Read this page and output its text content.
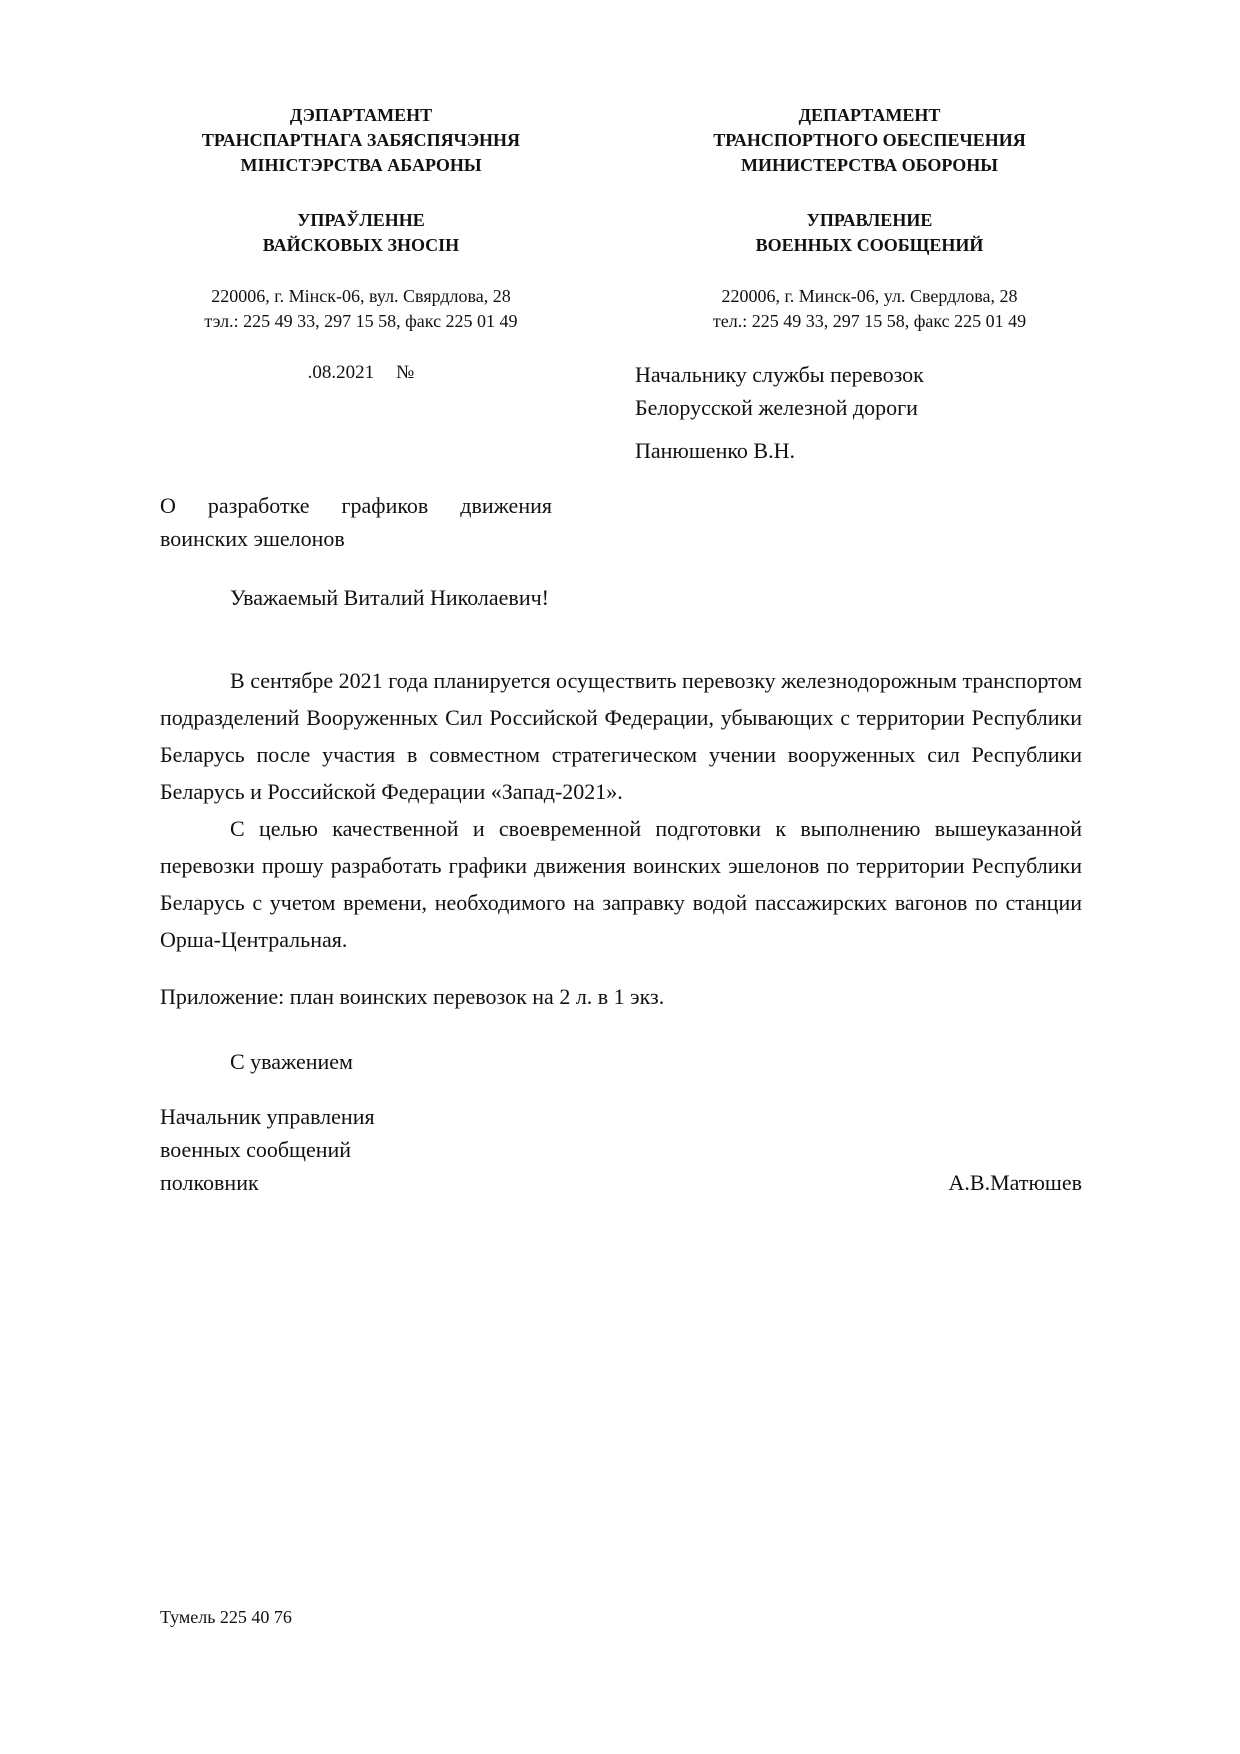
ДЭПАРТАМЕНТ
ТРАНСПАРТНАГА ЗАБЯСПЯЧЭННЯ
МІНІСТЭРСТВА АБАРОНЫ
УПРАЎЛЕННЕ
ВАЙСКОВЫХ ЗНОСІН
220006, г. Мінск-06, вул. Свярдлова, 28
тэл.: 225 49 33, 297 15 58, факс 225 01 49
ДЕПАРТАМЕНТ
ТРАНСПОРТНОГО ОБЕСПЕЧЕНИЯ
МИНИСТЕРСТВА ОБОРОНЫ
УПРАВЛЕНИЕ
ВОЕННЫХ СООБЩЕНИЙ
220006, г. Минск-06, ул. Свердлова, 28
тел.: 225 49 33, 297 15 58, факс 225 01 49
.08.2021 №	Начальнику службы перевозок
Белорусской железной дороги
Панюшенко В.Н.
О разработке графиков движения воинских эшелонов
Уважаемый Виталий Николаевич!

В сентябре 2021 года планируется осуществить перевозку железнодорожным транспортом подразделений Вооруженных Сил Российской Федерации, убывающих с территории Республики Беларусь после участия в совместном стратегическом учении вооруженных сил Республики Беларусь и Российской Федерации «Запад-2021».

С целью качественной и своевременной подготовки к выполнению вышеуказанной перевозки прошу разработать графики движения воинских эшелонов по территории Республики Беларусь с учетом времени, необходимого на заправку водой пассажирских вагонов по станции Орша-Центральная.

Приложение: план воинских перевозок на 2 л. в 1 экз.
С уважением
Начальник управления
военных сообщений
полковник	А.В.Матюшев
Тумель 225 40 76
